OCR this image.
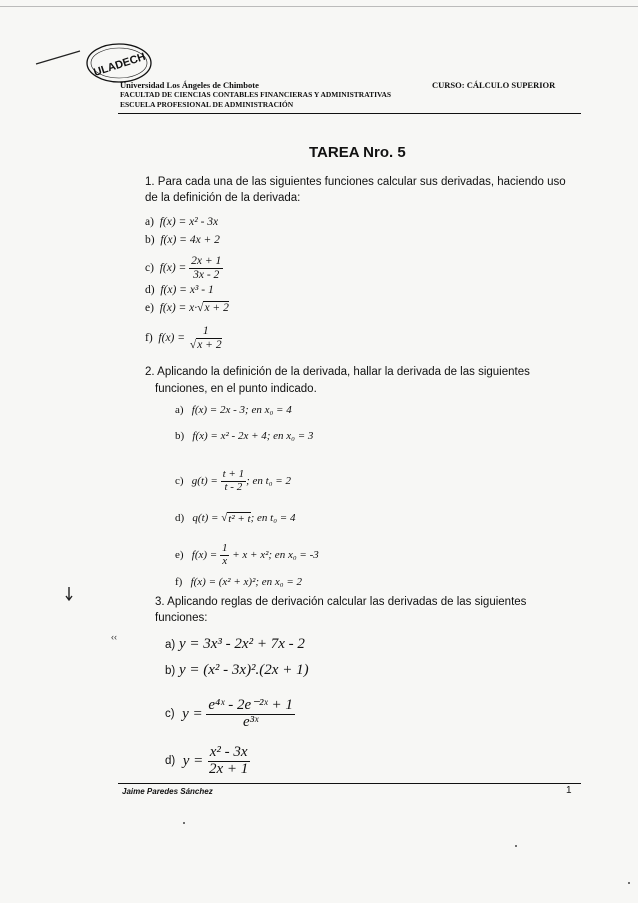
ULADECH
Universidad Los Ángeles de Chimbote	CURSO: CÁLCULO SUPERIOR
FACULTAD DE CIENCIAS CONTABLES FINANCIERAS Y ADMINISTRATIVAS
ESCUELA PROFESIONAL DE ADMINISTRACIÓN
TAREA Nro. 5
1. Para cada una de las siguientes funciones calcular sus derivadas, haciendo uso
de la definición de la derivada:
a) f(x) = x² - 3x
b) f(x) = 4x + 2
c)
f(x) =
$\frac{2x + 1}{3x - 2}$
d) f(x) = x³ - 1
e) f(x) = x·√x + 2
f)
f(x) =
$\frac{1}{√x + 2}$
2. Aplicando la definición de la derivada, hallar la derivada de las siguientes
funciones, en el punto indicado.
a) f(x) = 2x - 3; en x₀ = 4
b) f(x) = x² - 2x + 4; en x₀ = 3
c)
g(t) =
$\frac{t + 1}{t - 2}$ ; en t₀ = 2
d)
q(t) = √ t² + t ; en t₀ = 4
e)
f(x) =
$\frac{1}{x}$
+ x + x²; en x₀ = -3
f) f(x) = (x² + x)²; en x₀ = 2
‹‹
3. Aplicando reglas de derivación calcular las derivadas de las siguientes
funciones:
a) y = 3x³ - 2x² + 7x - 2
b) y = (x² - 3x)².(2x + 1)
c)
y =
$\frac{\text{e⁴ˣ - 2e⁻²ˣ + 1}}{\text{e³ˣ}}$
d)
y =
$\frac{\text{x² - 3x}}{2x + 1}$
Jaime Paredes Sánchez	1
